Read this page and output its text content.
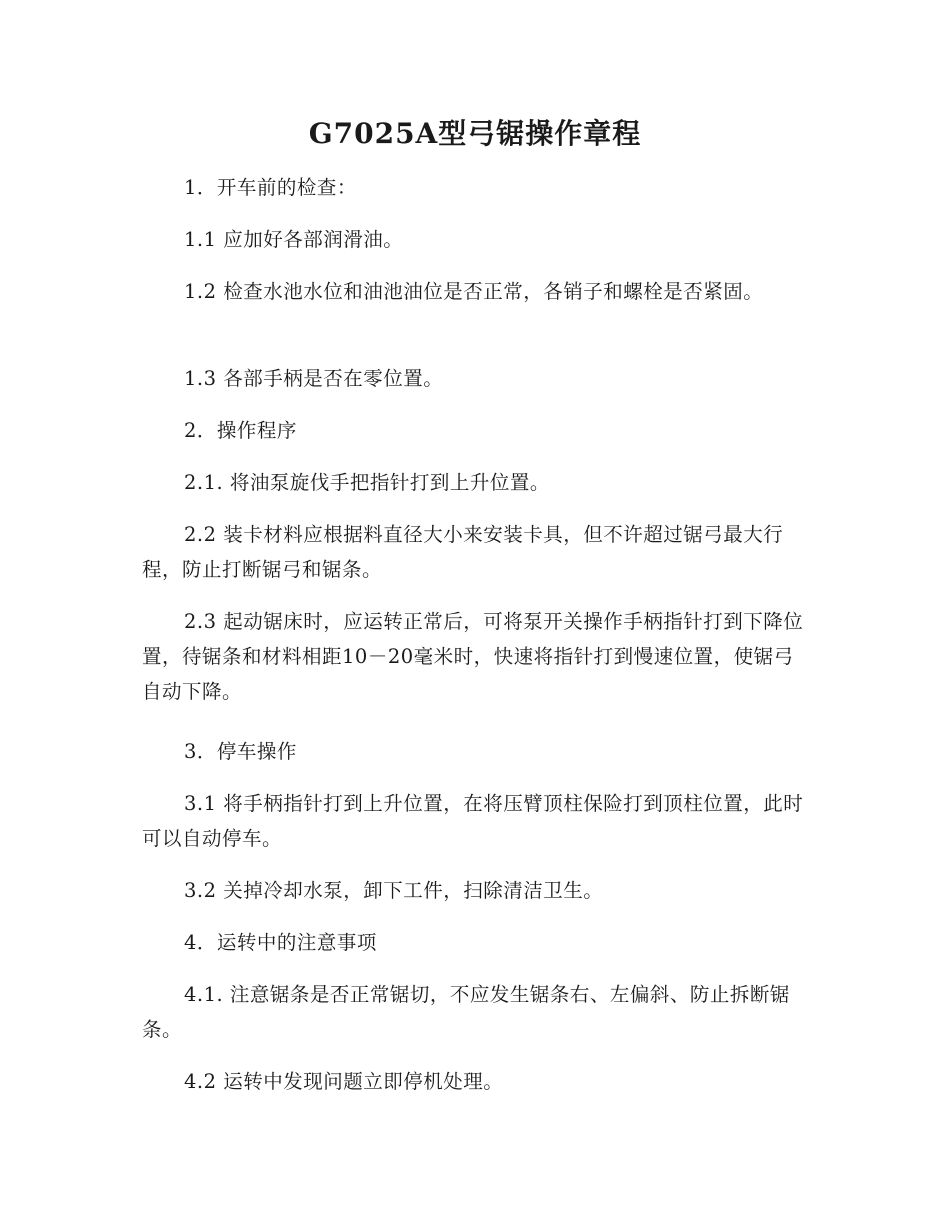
G7025A型弓锯操作章程

1．开车前的检查：

1.1 应加好各部润滑油。

1.2 检查水池水位和油池油位是否正常，各销子和螺栓是否紧固。

1.3 各部手柄是否在零位置。

2．操作程序

2.1. 将油泵旋伐手把指针打到上升位置。

2.2 装卡材料应根据料直径大小来安装卡具，但不许超过锯弓最大行程，防止打断锯弓和锯条。

2.3 起动锯床时，应运转正常后，可将泵开关操作手柄指针打到下降位置，待锯条和材料相距10－20毫米时，快速将指针打到慢速位置，使锯弓自动下降。

3．停车操作

3.1 将手柄指针打到上升位置，在将压臂顶柱保险打到顶柱位置，此时可以自动停车。

3.2 关掉冷却水泵，卸下工件，扫除清洁卫生。

4．运转中的注意事项

4.1. 注意锯条是否正常锯切，不应发生锯条右、左偏斜、防止拆断锯条。

4.2 运转中发现问题立即停机处理。
